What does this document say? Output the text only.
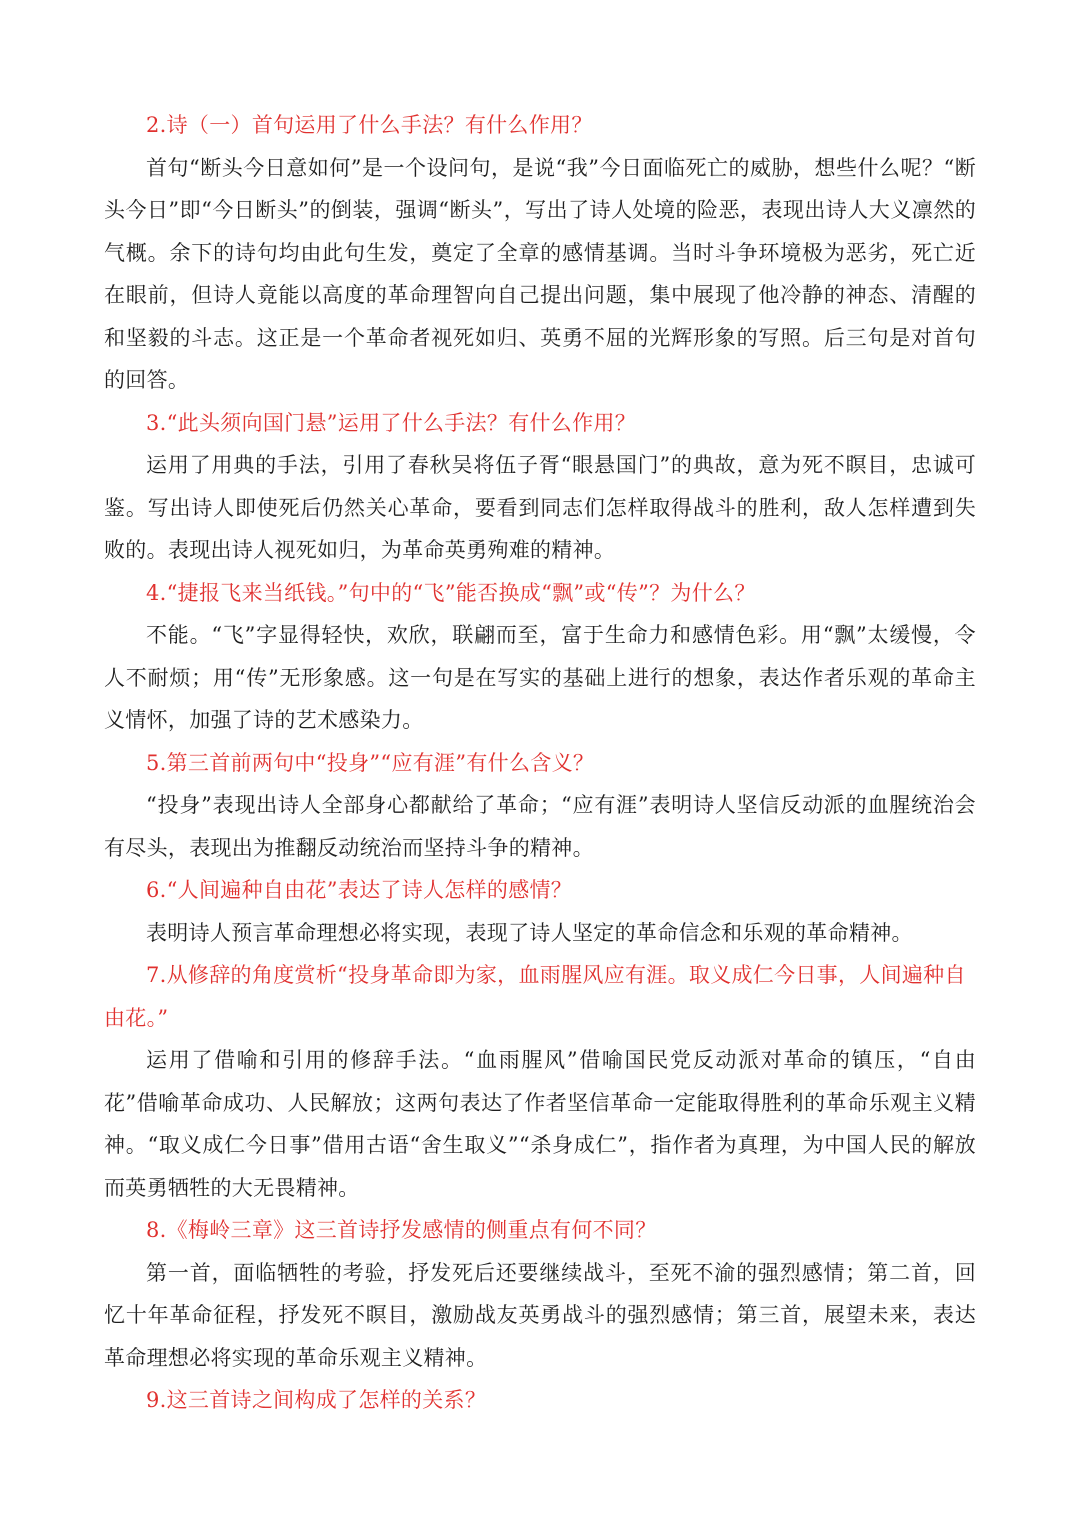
2.诗（一）首句运用了什么手法？有什么作用？

首句“断头今日意如何”是一个设问句，是说“我”今日面临死亡的威胁，想些什么呢？“断头今日”即“今日断头”的倒装，强调“断头”，写出了诗人处境的险恶，表现出诗人大义凛然的气概。余下的诗句均由此句生发，奠定了全章的感情基调。当时斗争环境极为恶劣，死亡近在眼前，但诗人竟能以高度的革命理智向自己提出问题，集中展现了他冷静的神态、清醒的和坚毅的斗志。这正是一个革命者视死如归、英勇不屈的光辉形象的写照。后三句是对首句的回答。

3.“此头须向国门悬”运用了什么手法？有什么作用？

运用了用典的手法，引用了春秋吴将伍子胥“眼悬国门”的典故，意为死不瞑目，忠诚可鉴。写出诗人即使死后仍然关心革命，要看到同志们怎样取得战斗的胜利，敌人怎样遭到失败的。表现出诗人视死如归，为革命英勇殉难的精神。

4.“捷报飞来当纸钱。”句中的“飞”能否换成“飘”或“传”？为什么？

不能。“飞”字显得轻快，欢欣，联翩而至，富于生命力和感情色彩。用“飘”太缓慢，令人不耐烦；用“传”无形象感。这一句是在写实的基础上进行的想象，表达作者乐观的革命主义情怀，加强了诗的艺术感染力。

5.第三首前两句中“投身”“应有涯”有什么含义？

“投身”表现出诗人全部身心都献给了革命；“应有涯”表明诗人坚信反动派的血腥统治会有尽头，表现出为推翻反动统治而坚持斗争的精神。

6.“人间遍种自由花”表达了诗人怎样的感情？

表明诗人预言革命理想必将实现，表现了诗人坚定的革命信念和乐观的革命精神。

7.从修辞的角度赏析“投身革命即为家，血雨腥风应有涯。取义成仁今日事，人间遍种自由花。”

运用了借喻和引用的修辞手法。“血雨腥风”借喻国民党反动派对革命的镇压，“自由花”借喻革命成功、人民解放；这两句表达了作者坚信革命一定能取得胜利的革命乐观主义精神。“取义成仁今日事”借用古语“舍生取义”“杀身成仁”，指作者为真理，为中国人民的解放而英勇牺牲的大无畏精神。

8.《梅岭三章》这三首诗抒发感情的侧重点有何不同？

第一首，面临牺牲的考验，抒发死后还要继续战斗，至死不渝的强烈感情；第二首，回忆十年革命征程，抒发死不瞑目，激励战友英勇战斗的强烈感情；第三首，展望未来，表达革命理想必将实现的革命乐观主义精神。

9.这三首诗之间构成了怎样的关系？
